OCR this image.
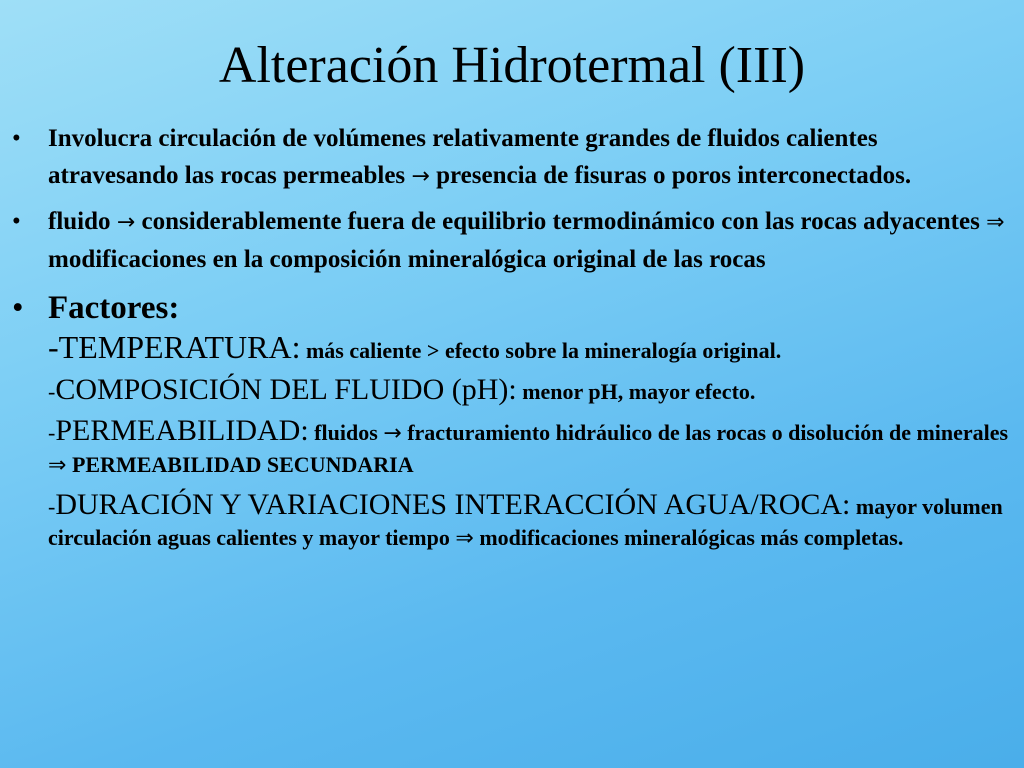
Alteración Hidrotermal (III)
• Involucra circulación de volúmenes relativamente grandes de fluidos calientes atravesando las rocas permeables → presencia de fisuras o poros interconectados.
• fluido → considerablemente fuera de equilibrio termodinámico con las rocas adyacentes ⇒ modificaciones en la composición mineralógica original de las rocas
• Factores:
-TEMPERATURA: más caliente > efecto sobre la mineralogía original.
-COMPOSICIÓN DEL FLUIDO (pH): menor pH, mayor efecto.
-PERMEABILIDAD: fluidos → fracturamiento hidráulico de las rocas o disolución de minerales ⇒ PERMEABILIDAD SECUNDARIA
-DURACIÓN Y VARIACIONES INTERACCIÓN AGUA/ROCA: mayor volumen circulación aguas calientes y mayor tiempo ⇒ modificaciones mineralógicas más completas.
